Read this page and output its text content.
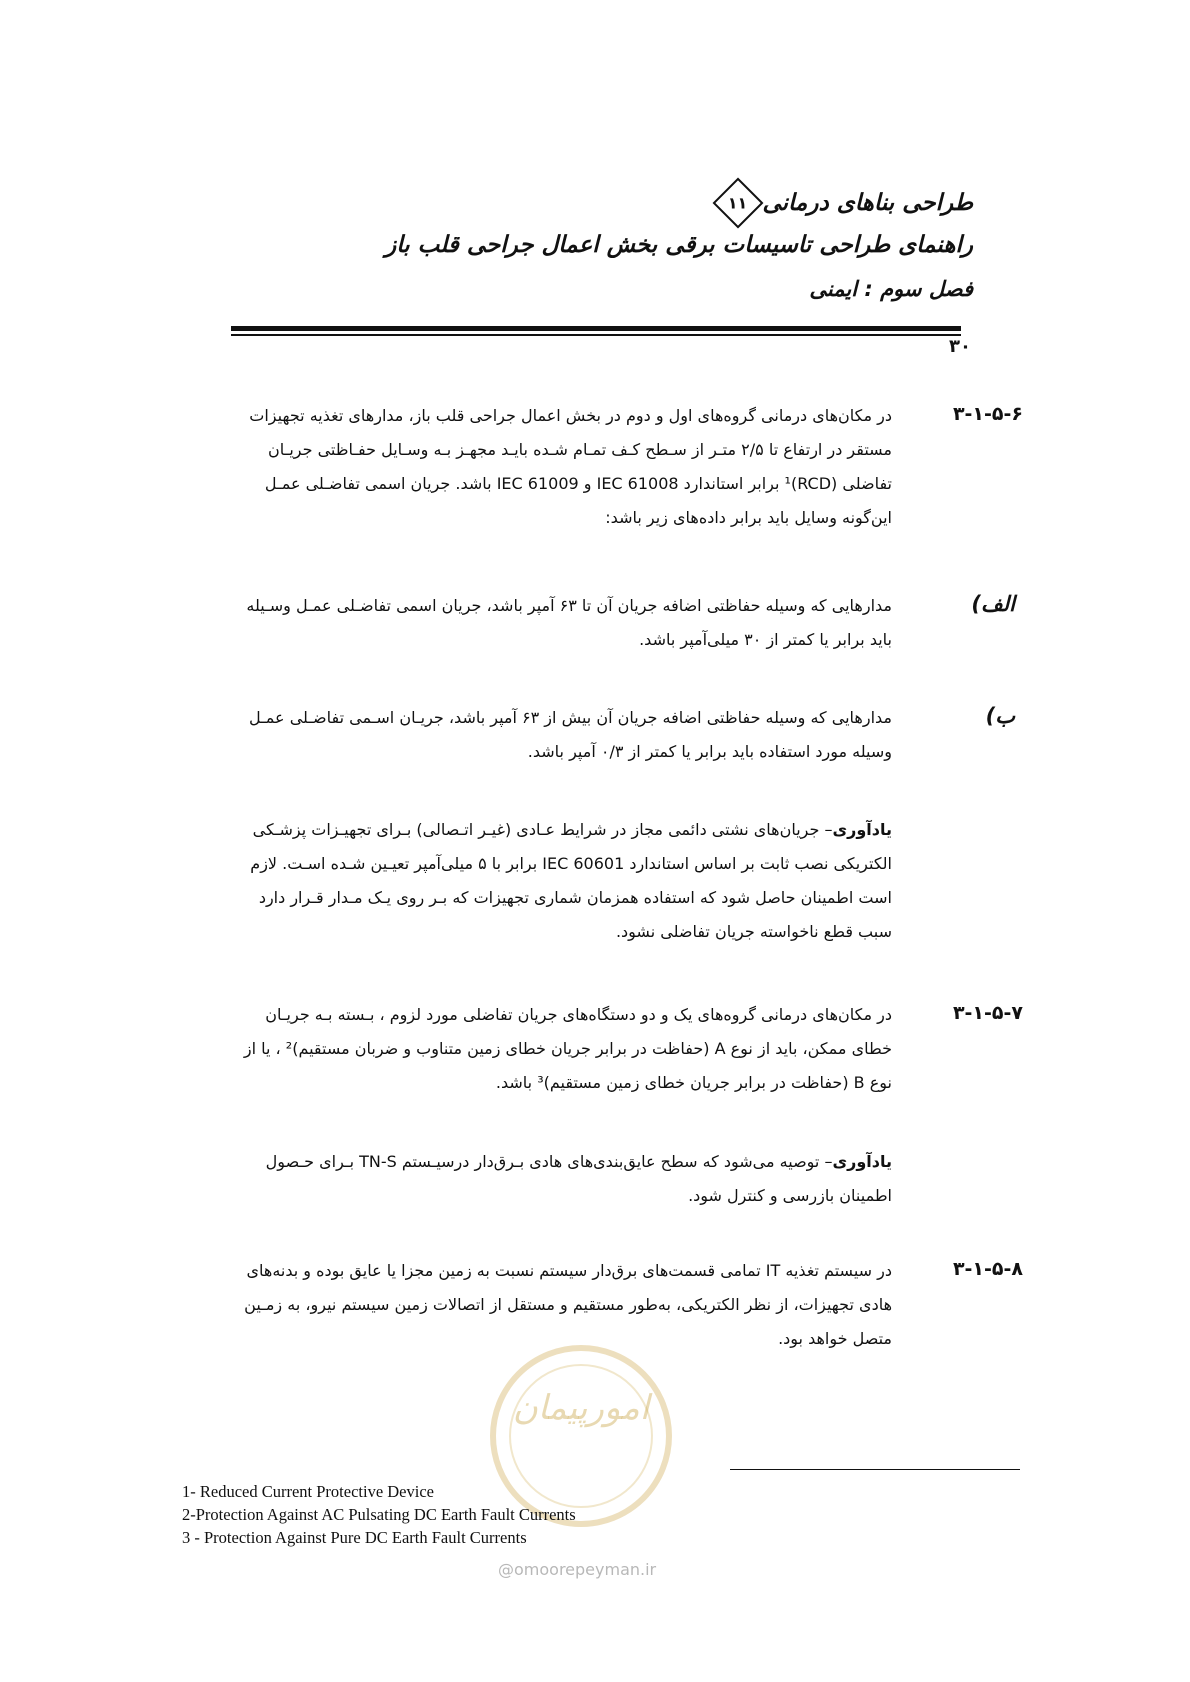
طراحی بناهای درمانی
۱۱
راهنمای طراحی تاسیسات برقی بخش اعمال جراحی قلب باز
فصل سوم : ایمنی
۳۰
۳-۱-۵-۶
در مکان‌های درمانی گروه‌های اول و دوم در بخش اعمال جراحی قلب باز، مدارهای تغذیه تجهیزات
مستقر در ارتفاع تا ۲/۵ متـر از سـطح کـف تمـام شـده بایـد مجهـز بـه وسـایل حفـاظتی جریـان
تفاضلی (RCD)¹ برابر استاندارد IEC 61008 و IEC 61009 باشد. جریان اسمی تفاضـلی عمـل
این‌گونه وسایل باید برابر داده‌های زیر باشد:
الف)
مدارهایی که وسیله حفاظتی اضافه جریان آن تا ۶۳ آمپر باشد، جریان اسمی تفاضـلی عمـل وسـیله
باید برابر یا کمتر از ۳۰ میلی‌آمپر باشد.
ب)
مدارهایی که وسیله حفاظتی اضافه جریان آن بیش از ۶۳ آمپر باشد، جریـان اسـمی تفاضـلی عمـل
وسیله مورد استفاده باید برابر یا کمتر از ۰/۳ آمپر باشد.
یادآوری– جریان‌های نشتی دائمی مجاز در شرایط عـادی (غیـر اتـصالی) بـرای تجهیـزات پزشـکی
الکتریکی نصب ثابت بر اساس استاندارد IEC 60601 برابر با ۵ میلی‌آمپر تعیـین شـده اسـت. لازم
است اطمینان حاصل شود که استفاده همزمان شماری تجهیزات که بـر روی یـک مـدار قـرار دارد
سبب قطع ناخواسته جریان تفاضلی نشود.
۳-۱-۵-۷
در مکان‌های درمانی گروه‌های یک و دو دستگاه‌های جریان تفاضلی مورد لزوم ، بـسته بـه جریـان
خطای ممکن، باید از نوع A (حفاظت در برابر جریان خطای زمین متناوب و ضربان مستقیم)² ، یا از
نوع B (حفاظت در برابر جریان خطای زمین مستقیم)³ باشد.
یادآوری– توصیه می‌شود که سطح عایق‌بندی‌های هادی بـرق‌دار درسیـستم TN-S بـرای حـصول
اطمینان بازرسی و کنترل شود.
۳-۱-۵-۸
در سیستم تغذیه IT تمامی قسمت‌های برق‌دار سیستم نسبت به زمین مجزا یا عایق بوده و بدنه‌های
هادی تجهیزات، از نظر الکتریکی، به‌طور مستقیم و مستقل از اتصالات زمین سیستم نیرو، به زمـین
متصل خواهد بود.
امورپیمان
1- Reduced Current Protective Device
2-Protection Against AC Pulsating DC Earth Fault Currents
3 - Protection Against Pure DC Earth Fault Currents
@omoorepeyman.ir
